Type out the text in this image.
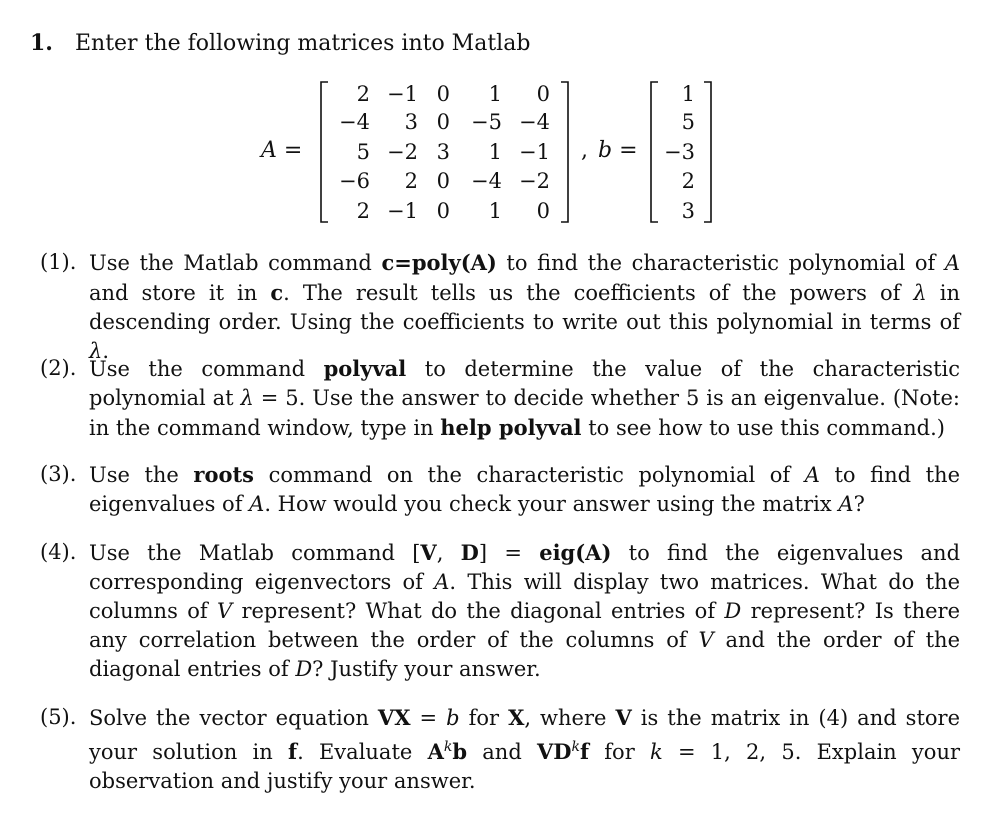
1. Enter the following matrices into Matlab
A =
2 −1 0	1	0
−4	3 0	−5 −4
5 −2 3	1 −1
−6	2 0	−4 −2
2 −1 0	1	0
, b =
1
5
−3
2
3
(1). Use the Matlab command c=poly(A) to find the characteristic polynomial of A and store it in c. The result tells us the coefficients of the powers of λ in descending order. Using the coefficients to write out this polynomial in terms of λ.
(2). Use the command polyval to determine the value of the characteristic polynomial at λ = 5. Use the answer to decide whether 5 is an eigenvalue. (Note: in the command window, type in help polyval to see how to use this command.)
(3). Use the roots command on the characteristic polynomial of A to find the eigenvalues of A. How would you check your answer using the matrix A?
(4). Use the Matlab command [V, D] = eig(A) to find the eigenvalues and corresponding eigenvectors of A. This will display two matrices. What do the columns of V represent? What do the diagonal entries of D represent? Is there any correlation between the order of the columns of V and the order of the diagonal entries of D? Justify your answer.
(5). Solve the vector equation VX = b for X, where V is the matrix in (4) and store your solution in f. Evaluate $A^kb$ and $VD^kf$ for k = 1, 2, 5. Explain your observation and justify your answer.
